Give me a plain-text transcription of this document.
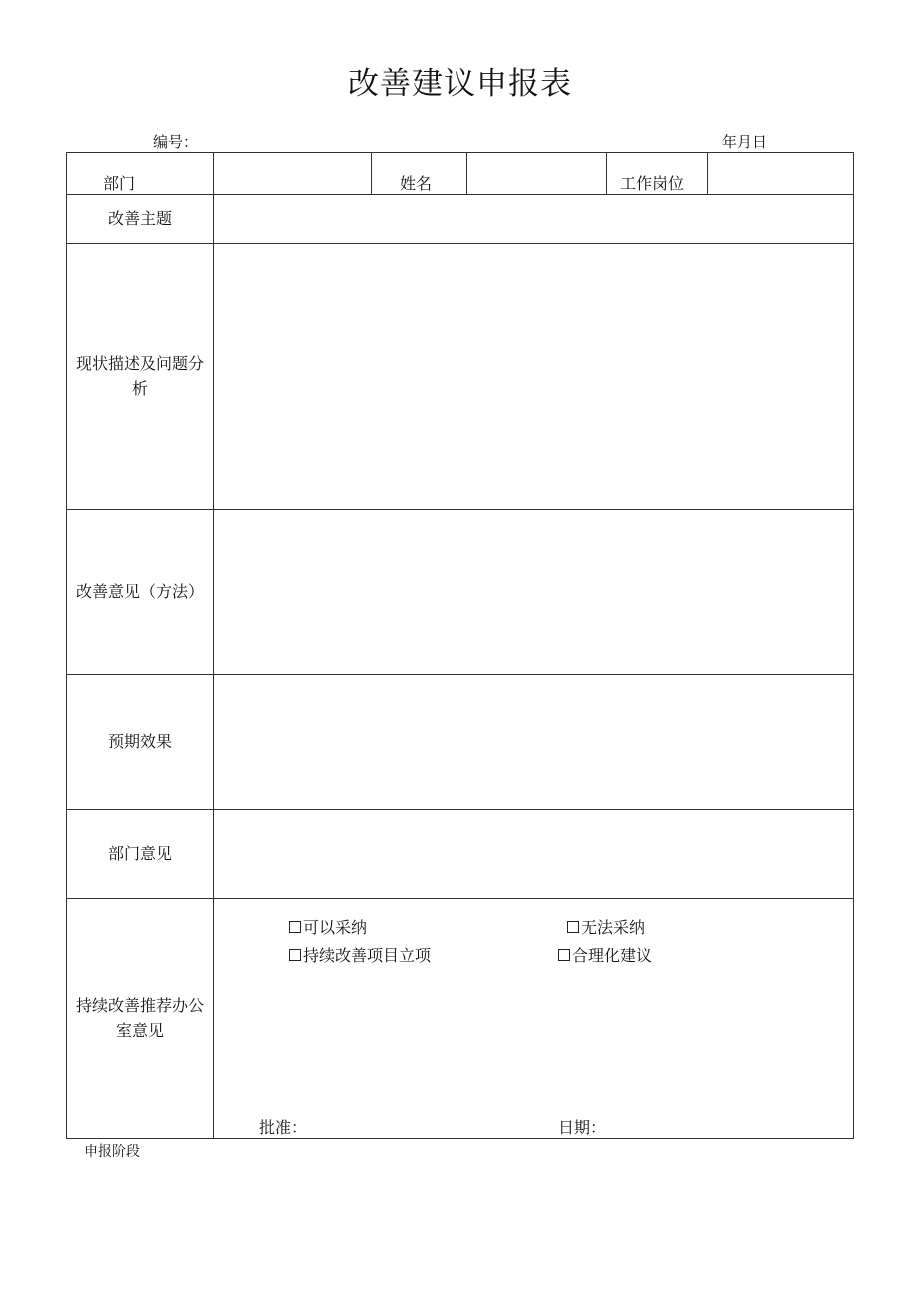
改善建议申报表
编号：	年月日
部门	姓名	工作岗位
改善主题
现状描述及问题分析
改善意见（方法）
预期效果
部门意见
持续改善推荐办公室意见
可以采纳	无法采纳
持续改善项目立项	合理化建议
批准：	日期：
申报阶段
